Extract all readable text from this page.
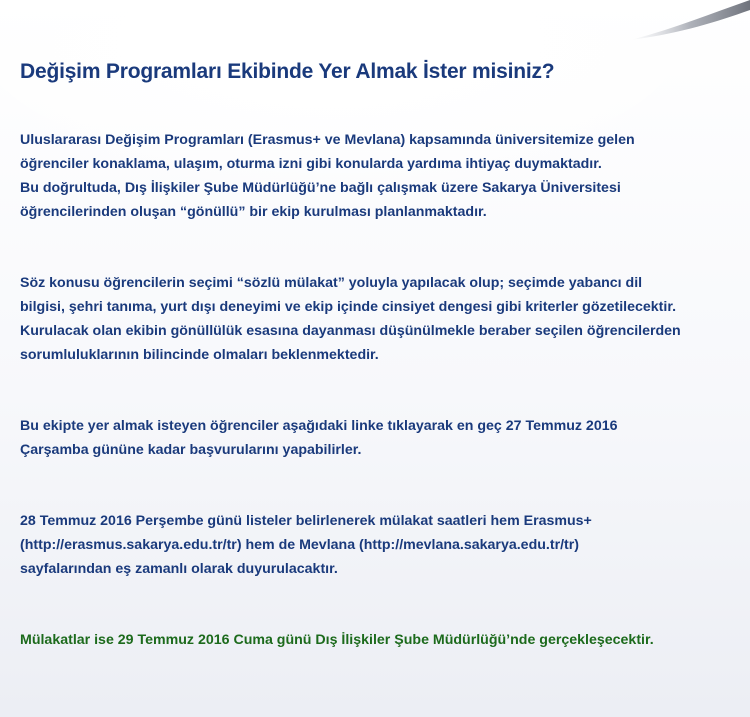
Değişim Programları Ekibinde Yer Almak İster misiniz?

Uluslararası Değişim Programları (Erasmus+ ve Mevlana) kapsamında üniversitemize gelen
öğrenciler konaklama, ulaşım, oturma izni gibi konularda yardıma ihtiyaç duymaktadır.
Bu doğrultuda, Dış İlişkiler Şube Müdürlüğü’ne bağlı çalışmak üzere Sakarya Üniversitesi
öğrencilerinden oluşan “gönüllü” bir ekip kurulması planlanmaktadır.

Söz konusu öğrencilerin seçimi “sözlü mülakat” yoluyla yapılacak olup; seçimde yabancı dil
bilgisi, şehri tanıma, yurt dışı deneyimi ve ekip içinde cinsiyet dengesi gibi kriterler gözetilecektir.
Kurulacak olan ekibin gönüllülük esasına dayanması düşünülmekle beraber seçilen öğrencilerden
sorumluluklarının bilincinde olmaları beklenmektedir.

Bu ekipte yer almak isteyen öğrenciler aşağıdaki linke tıklayarak en geç 27 Temmuz 2016
Çarşamba gününe kadar başvurularını yapabilirler.

28 Temmuz 2016 Perşembe günü listeler belirlenerek mülakat saatleri hem Erasmus+
(http://erasmus.sakarya.edu.tr/tr) hem de Mevlana (http://mevlana.sakarya.edu.tr/tr)
sayfalarından eş zamanlı olarak duyurulacaktır.

Mülakatlar ise 29 Temmuz 2016 Cuma günü Dış İlişkiler Şube Müdürlüğü’nde gerçekleşecektir.
